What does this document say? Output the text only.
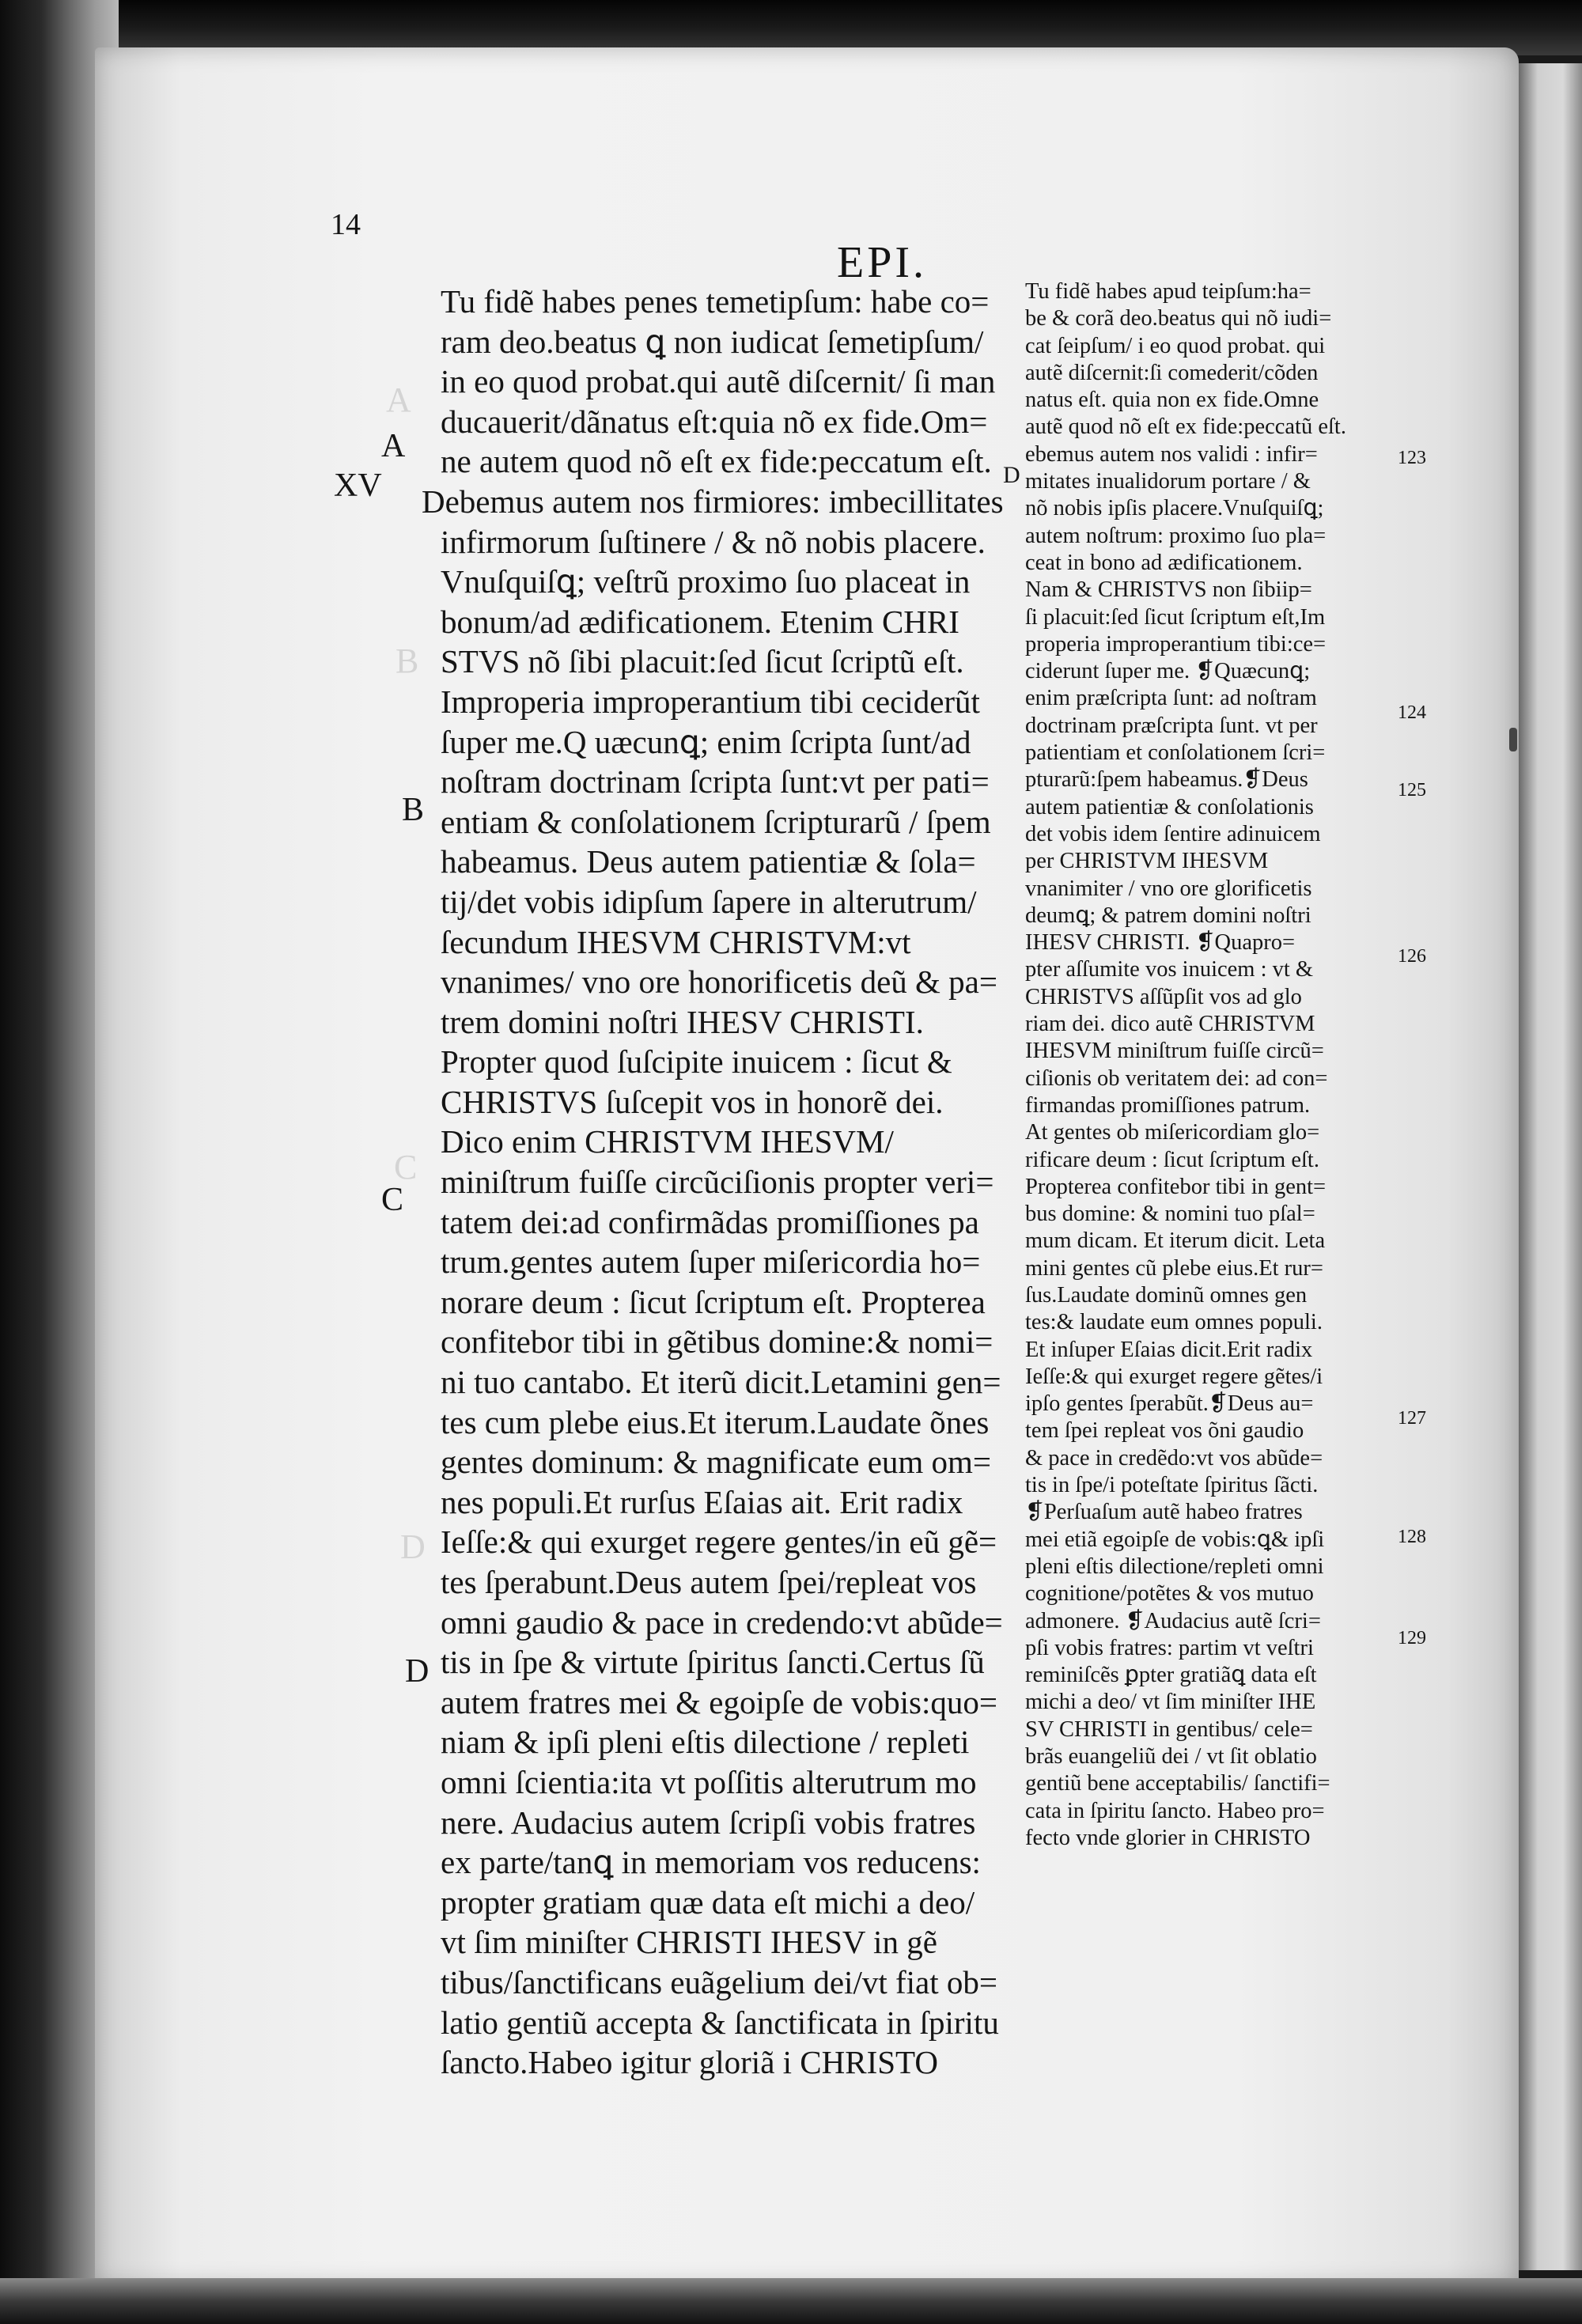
A
B
C
D
14
EPI.
A
XV
B
C
D
Tu fidẽ habes penes temetipſum: habe co=
ram deo.beatus ꝗ non iudicat ſemetipſum/
in eo quod probat.qui autẽ diſcernit/ ſi man
ducauerit/dãnatus eſt:quia nõ ex fide.Om=
ne autem quod nõ eſt ex fide:peccatum eſt.
Debemus autem nos firmiores: imbecillitates
infirmorum ſuſtinere / & nõ nobis placere.
Vnuſquiſꝗ; veſtrũ proximo ſuo placeat in
bonum/ad ædificationem. Etenim CHRI
STVS nõ ſibi placuit:ſed ſicut ſcriptũ eſt.
Improperia improperantium tibi ceciderũt
ſuper me.Q uæcunꝗ; enim ſcripta ſunt/ad
noſtram doctrinam ſcripta ſunt:vt per pati=
entiam & conſolationem ſcripturarũ / ſpem
habeamus. Deus autem patientiæ & ſola=
tij/det vobis idipſum ſapere in alterutrum/
ſecundum IHESVM CHRISTVM:vt
vnanimes/ vno ore honorificetis deũ & pa=
trem domini noſtri IHESV CHRISTI.
Propter quod ſuſcipite inuicem : ſicut &
CHRISTVS ſuſcepit vos in honorẽ dei.
Dico enim CHRISTVM IHESVM/
miniſtrum fuiſſe circũciſionis propter veri=
tatem dei:ad confirmãdas promiſſiones pa
trum.gentes autem ſuper miſericordia ho=
norare deum : ſicut ſcriptum eſt. Propterea
confitebor tibi in gẽtibus domine:& nomi=
ni tuo cantabo. Et iterũ dicit.Letamini gen=
tes cum plebe eius.Et iterum.Laudate õnes
gentes dominum: & magnificate eum om=
nes populi.Et rurſus Eſaias ait. Erit radix
Ieſſe:& qui exurget regere gentes/in eũ gẽ=
tes ſperabunt.Deus autem ſpei/repleat vos
omni gaudio & pace in credendo:vt abũde=
tis in ſpe & virtute ſpiritus ſancti.Certus ſũ
autem fratres mei & egoipſe de vobis:quo=
niam & ipſi pleni eſtis dilectione / repleti
omni ſcientia:ita vt poſſitis alterutrum mo
nere. Audacius autem ſcripſi vobis fratres
ex parte/tanꝗ in memoriam vos reducens:
propter gratiam quæ data eſt michi a deo/
vt ſim miniſter CHRISTI IHESV in gẽ
tibus/ſanctificans euãgelium dei/vt fiat ob=
latio gentiũ accepta & ſanctificata in ſpiritu
ſancto.Habeo igitur gloriã i CHRISTO
D
Tu fidẽ habes apud teipſum:ha=
be & corã deo.beatus qui nõ iudi=
cat ſeipſum/ i eo quod probat. qui
autẽ diſcernit:ſi comederit/cõden
natus eſt. quia non ex fide.Omne
autẽ quod nõ eſt ex fide:peccatũ eſt.
ebemus autem nos validi : infir=
mitates inualidorum portare / &
nõ nobis ipſis placere.Vnuſquiſꝗ;
autem noſtrum: proximo ſuo pla=
ceat in bono ad ædificationem.
Nam & CHRISTVS non ſibiip=
ſi placuit:ſed ſicut ſcriptum eſt,Im
properia improperantium tibi:ce=
ciderunt ſuper me. ❡Quæcunꝗ;
enim præſcripta ſunt: ad noſtram
doctrinam præſcripta ſunt. vt per
patientiam et conſolationem ſcri=
pturarũ:ſpem habeamus.❡Deus
autem patientiæ & conſolationis
det vobis idem ſentire adinuicem
per CHRISTVM IHESVM
vnanimiter / vno ore glorificetis
deumꝗ; & patrem domini noſtri
IHESV CHRISTI. ❡Quapro=
pter aſſumite vos inuicem : vt &
CHRISTVS aſſũpſit vos ad glo
riam dei. dico autẽ CHRISTVM
IHESVM miniſtrum fuiſſe circũ=
ciſionis ob veritatem dei: ad con=
firmandas promiſſiones patrum.
At gentes ob miſericordiam glo=
rificare deum : ſicut ſcriptum eſt.
Propterea confitebor tibi in gent=
bus domine: & nomini tuo pſal=
mum dicam. Et iterum dicit. Leta
mini gentes cũ plebe eius.Et rur=
ſus.Laudate dominũ omnes gen
tes:& laudate eum omnes populi.
Et inſuper Eſaias dicit.Erit radix
Ieſſe:& qui exurget regere gẽtes/i
ipſo gentes ſperabũt.❡Deus au=
tem ſpei repleat vos õni gaudio
& pace in credẽdo:vt vos abũde=
tis in ſpe/i poteſtate ſpiritus ſãcti.
❡Perſuaſum autẽ habeo fratres
mei etiã egoipſe de vobis:ꝗ& ipſi
pleni eſtis dilectione/repleti omni
cognitione/potẽtes & vos mutuo
admonere. ❡Audacius autẽ ſcri=
pſi vobis fratres: partim vt veſtri
reminiſcẽs ꝑpter gratiãꝗ data eſt
michi a deo/ vt ſim miniſter IHE
SV CHRISTI in gentibus/ cele=
brãs euangeliũ dei / vt ſit oblatio
gentiũ bene acceptabilis/ ſanctifi=
cata in ſpiritu ſancto. Habeo pro=
fecto vnde glorier in CHRISTO
123
124
125
126
127
128
129
